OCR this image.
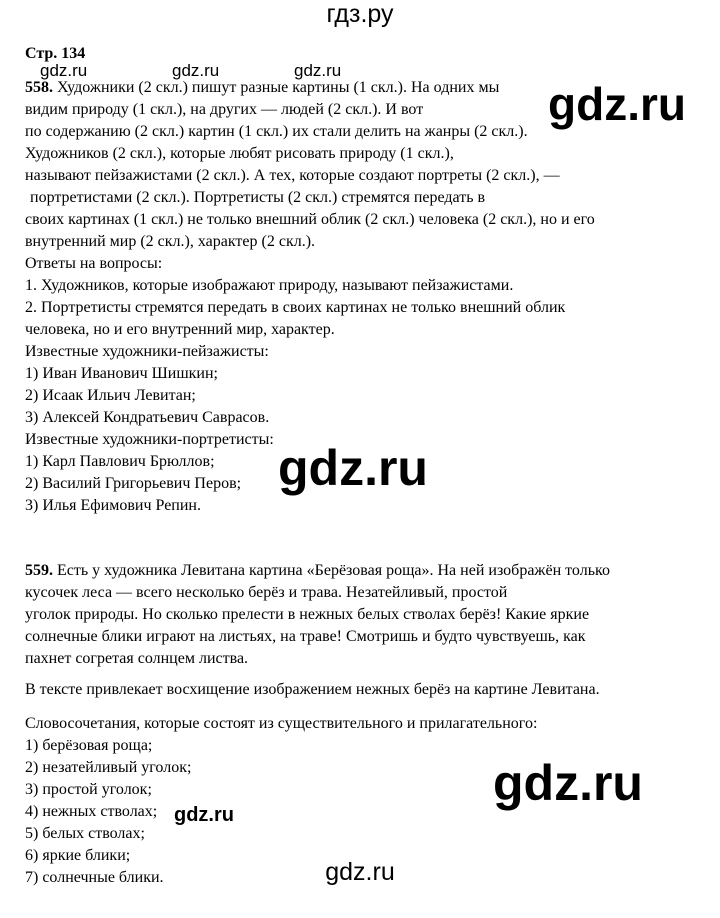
гдз.ру
Стр. 134
558. Художники (2 скл.) пишут разные картины (1 скл.). На одних мы
видим природу (1 скл.), на других — людей (2 скл.). И вот
по содержанию (2 скл.) картин (1 скл.) их стали делить на жанры (2 скл.).
Художников (2 скл.), которые любят рисовать природу (1 скл.),
называют пейзажистами (2 скл.). А тех, которые создают портреты (2 скл.), —
портретистами (2 скл.). Портретисты (2 скл.) стремятся передать в
своих картинах (1 скл.) не только внешний облик (2 скл.) человека (2 скл.), но и его
внутренний мир (2 скл.), характер (2 скл.).
Ответы на вопросы:
1. Художников, которые изображают природу, называют пейзажистами.
2. Портретисты стремятся передать в своих картинах не только внешний облик
человека, но и его внутренний мир, характер.
Известные художники-пейзажисты:
1) Иван Иванович Шишкин;
2) Исаак Ильич Левитан;
3) Алексей Кондратьевич Саврасов.
Известные художники-портретисты:
1) Карл Павлович Брюллов;
2) Василий Григорьевич Перов;
3) Илья Ефимович Репин.
559. Есть у художника Левитана картина «Берёзовая роща». На ней изображён только
кусочек леса — всего несколько берёз и трава. Незатейливый, простой
уголок природы. Но сколько прелести в нежных белых стволах берёз! Какие яркие
солнечные блики играют на листьях, на траве! Смотришь и будто чувствуешь, как
пахнет согретая солнцем листва.
В тексте привлекает восхищение изображением нежных берёз на картине Левитана.
Словосочетания, которые состоят из существительного и прилагательного:
1) берёзовая роща;
2) незатейливый уголок;
3) простой уголок;
4) нежных стволах;
5) белых стволах;
6) яркие блики;
7) солнечные блики.
gdz.ru	gdz.ru	gdz.ru
gdz.ru
gdz.ru
gdz.ru
gdz.ru
gdz.ru
